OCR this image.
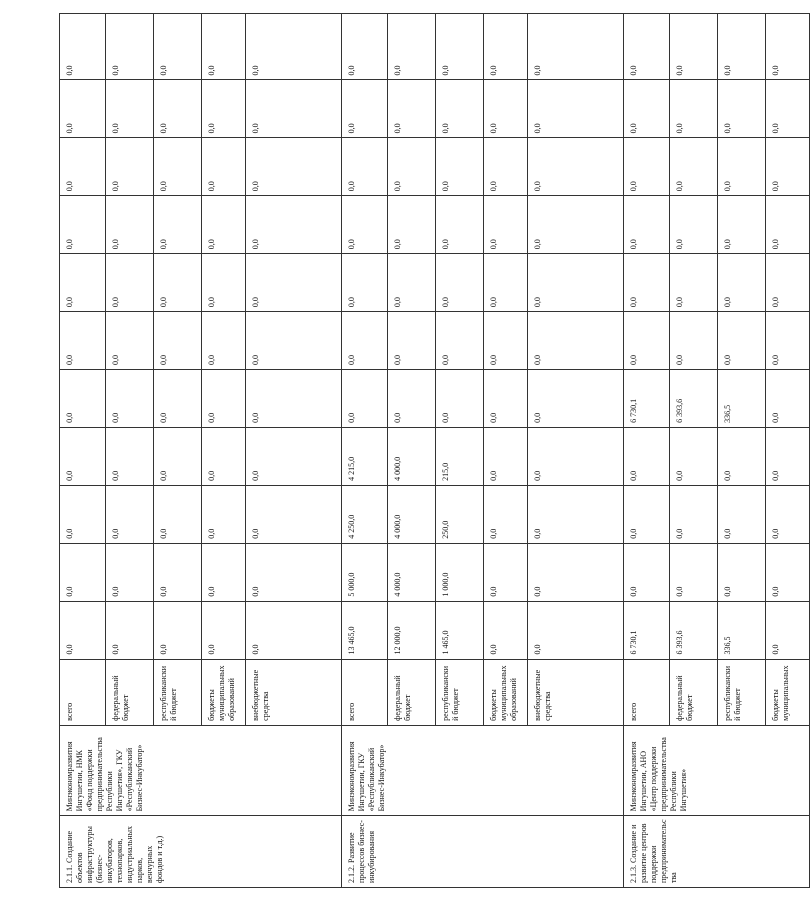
2.1.1. Создание объектов инфраструктуры (бизнес-инкубаторов, технопарков, индустриальных парков, венчурных фондов и т.д.)	Минэкономразвития Ингушетии, НМК «Фонд поддержки предпринимательства Республики Ингушетия», ГКУ «Республиканский Бизнес-Инкубатор»	всего	0,0	0,0	0,0	0,0	0,0	0,0	0,0	0,0	0,0	0,0	0,0
		федеральный бюджет	0,0	0,0	0,0	0,0	0,0	0,0	0,0	0,0	0,0	0,0	0,0
		республиканский бюджет	0,0	0,0	0,0	0,0	0,0	0,0	0,0	0,0	0,0	0,0	0,0
		бюджеты муниципальных образований	0,0	0,0	0,0	0,0	0,0	0,0	0,0	0,0	0,0	0,0	0,0
		внебюджетные средства	0,0	0,0	0,0	0,0	0,0	0,0	0,0	0,0	0,0	0,0	0,0
2.1.2. Развитие процессов бизнес-инкубирования	Минэкономразвития Ингушетии, ГКУ «Республиканский Бизнес-Инкубатор»	всего	13 465,0	5 000,0	4 250,0	4 215,0	0,0	0,0	0,0	0,0	0,0	0,0	0,0
		федеральный бюджет	12 000,0	4 000,0	4 000,0	4 000,0	0,0	0,0	0,0	0,0	0,0	0,0	0,0
		республиканский бюджет	1 465,0	1 000,0	250,0	215,0	0,0	0,0	0,0	0,0	0,0	0,0	0,0
		бюджеты муниципальных образований	0,0	0,0	0,0	0,0	0,0	0,0	0,0	0,0	0,0	0,0	0,0
		внебюджетные средства	0,0	0,0	0,0	0,0	0,0	0,0	0,0	0,0	0,0	0,0	0,0
2.1.3. Создание и развитие центров поддержки предпринимательства	Минэкономразвития Ингушетии, АНО «Центр поддержки предпринимательства Республики Ингушетия»	всего	6 730,1	0,0	0,0	0,0	6 730,1	0,0	0,0	0,0	0,0	0,0	0,0
		федеральный бюджет	6 393,6	0,0	0,0	0,0	6 393,6	0,0	0,0	0,0	0,0	0,0	0,0
		республиканский бюджет	336,5	0,0	0,0	0,0	336,5	0,0	0,0	0,0	0,0	0,0	0,0
		бюджеты муниципальных	0,0	0,0	0,0	0,0	0,0	0,0	0,0	0,0	0,0	0,0	0,0
